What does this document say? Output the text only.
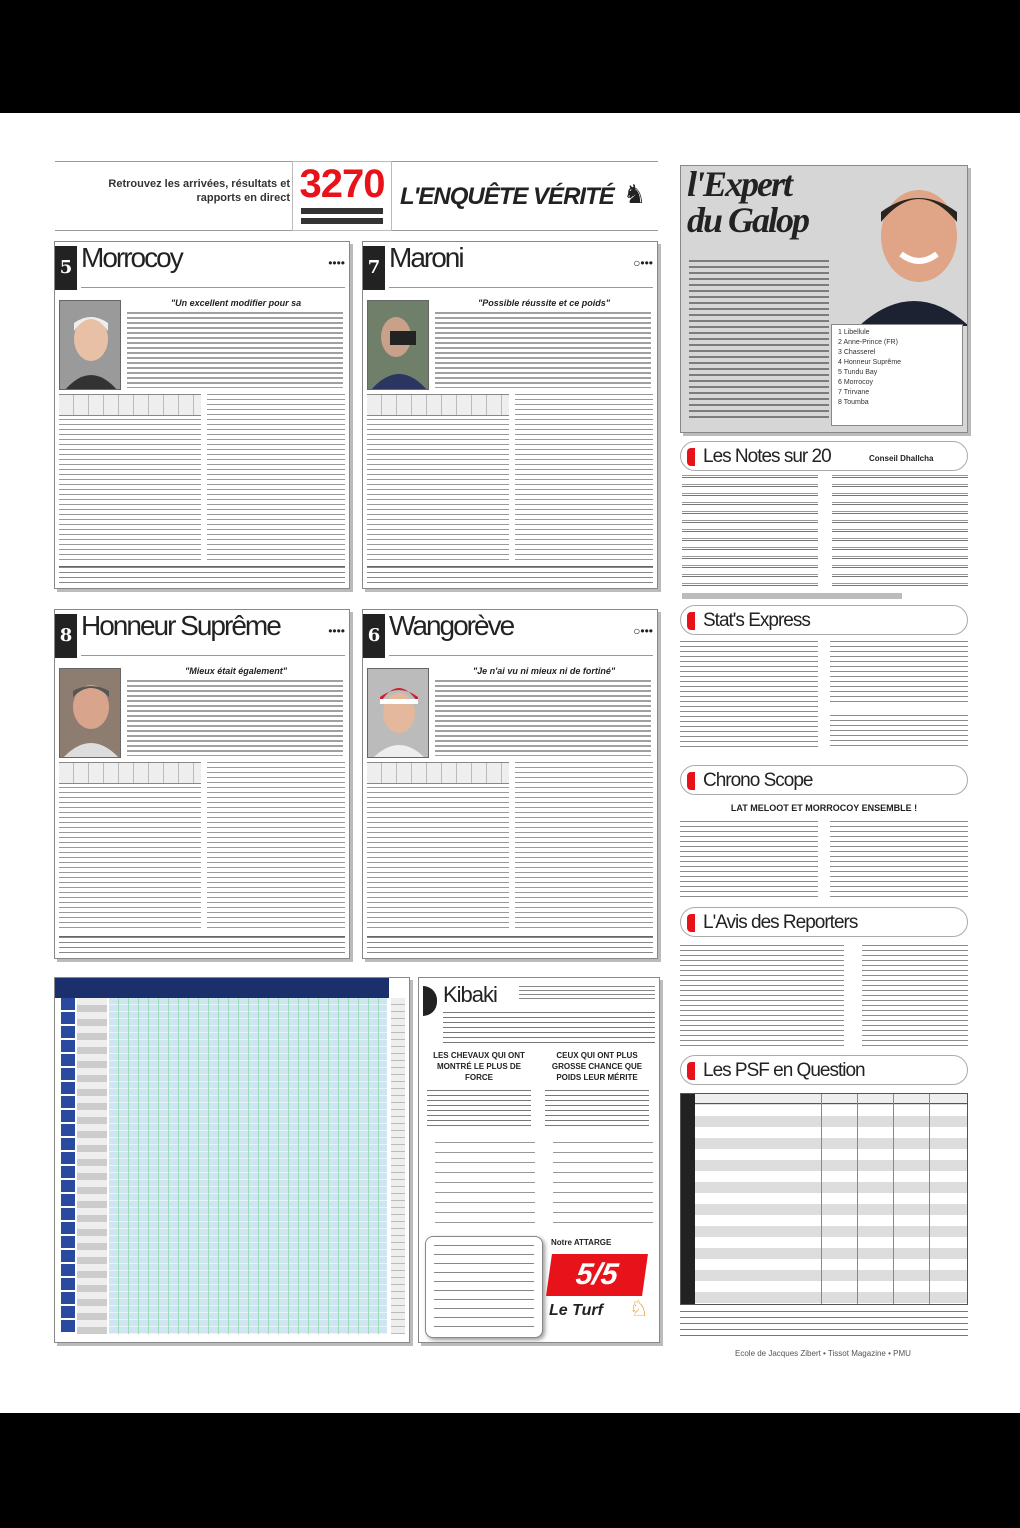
Retrouvez les arrivées, résultats et rapports en direct 3270 L'ENQUÊTE VÉRITÉ ♞
5 Morrocoy	••••
"Un excellent modifier pour sa
7 Maroni	○•••
"Possible réussite et ce poids"
8 Honneur Suprême	••••
"Mieux était également"
6 Wangorève	○•••
"Je n'ai vu ni mieux ni de fortiné"
l'Expert
du Galop
1 Libellule
2 Anne-Prince (FR)
3 Chasserel
4 Honneur Suprême
5 Tundu Bay
6 Morrocoy
7 Trirvane
8 Toumba
Les Notes sur 20	Conseil Dhallcha
Stat's Express
Chrono Scope
LAT MELOOT ET MORROCOY ENSEMBLE !
L'Avis des Reporters
Les PSF en Question
Ecole de Jacques Zibert • Tissot Magazine • PMU
Kibaki
LES CHEVAUX QUI ONT MONTRÉ LE PLUS DE FORCE
CEUX QUI ONT PLUS GROSSE CHANCE QUE POIDS LEUR MÉRITE
Notre ATTARGE
5/5
Le Turf ♘
